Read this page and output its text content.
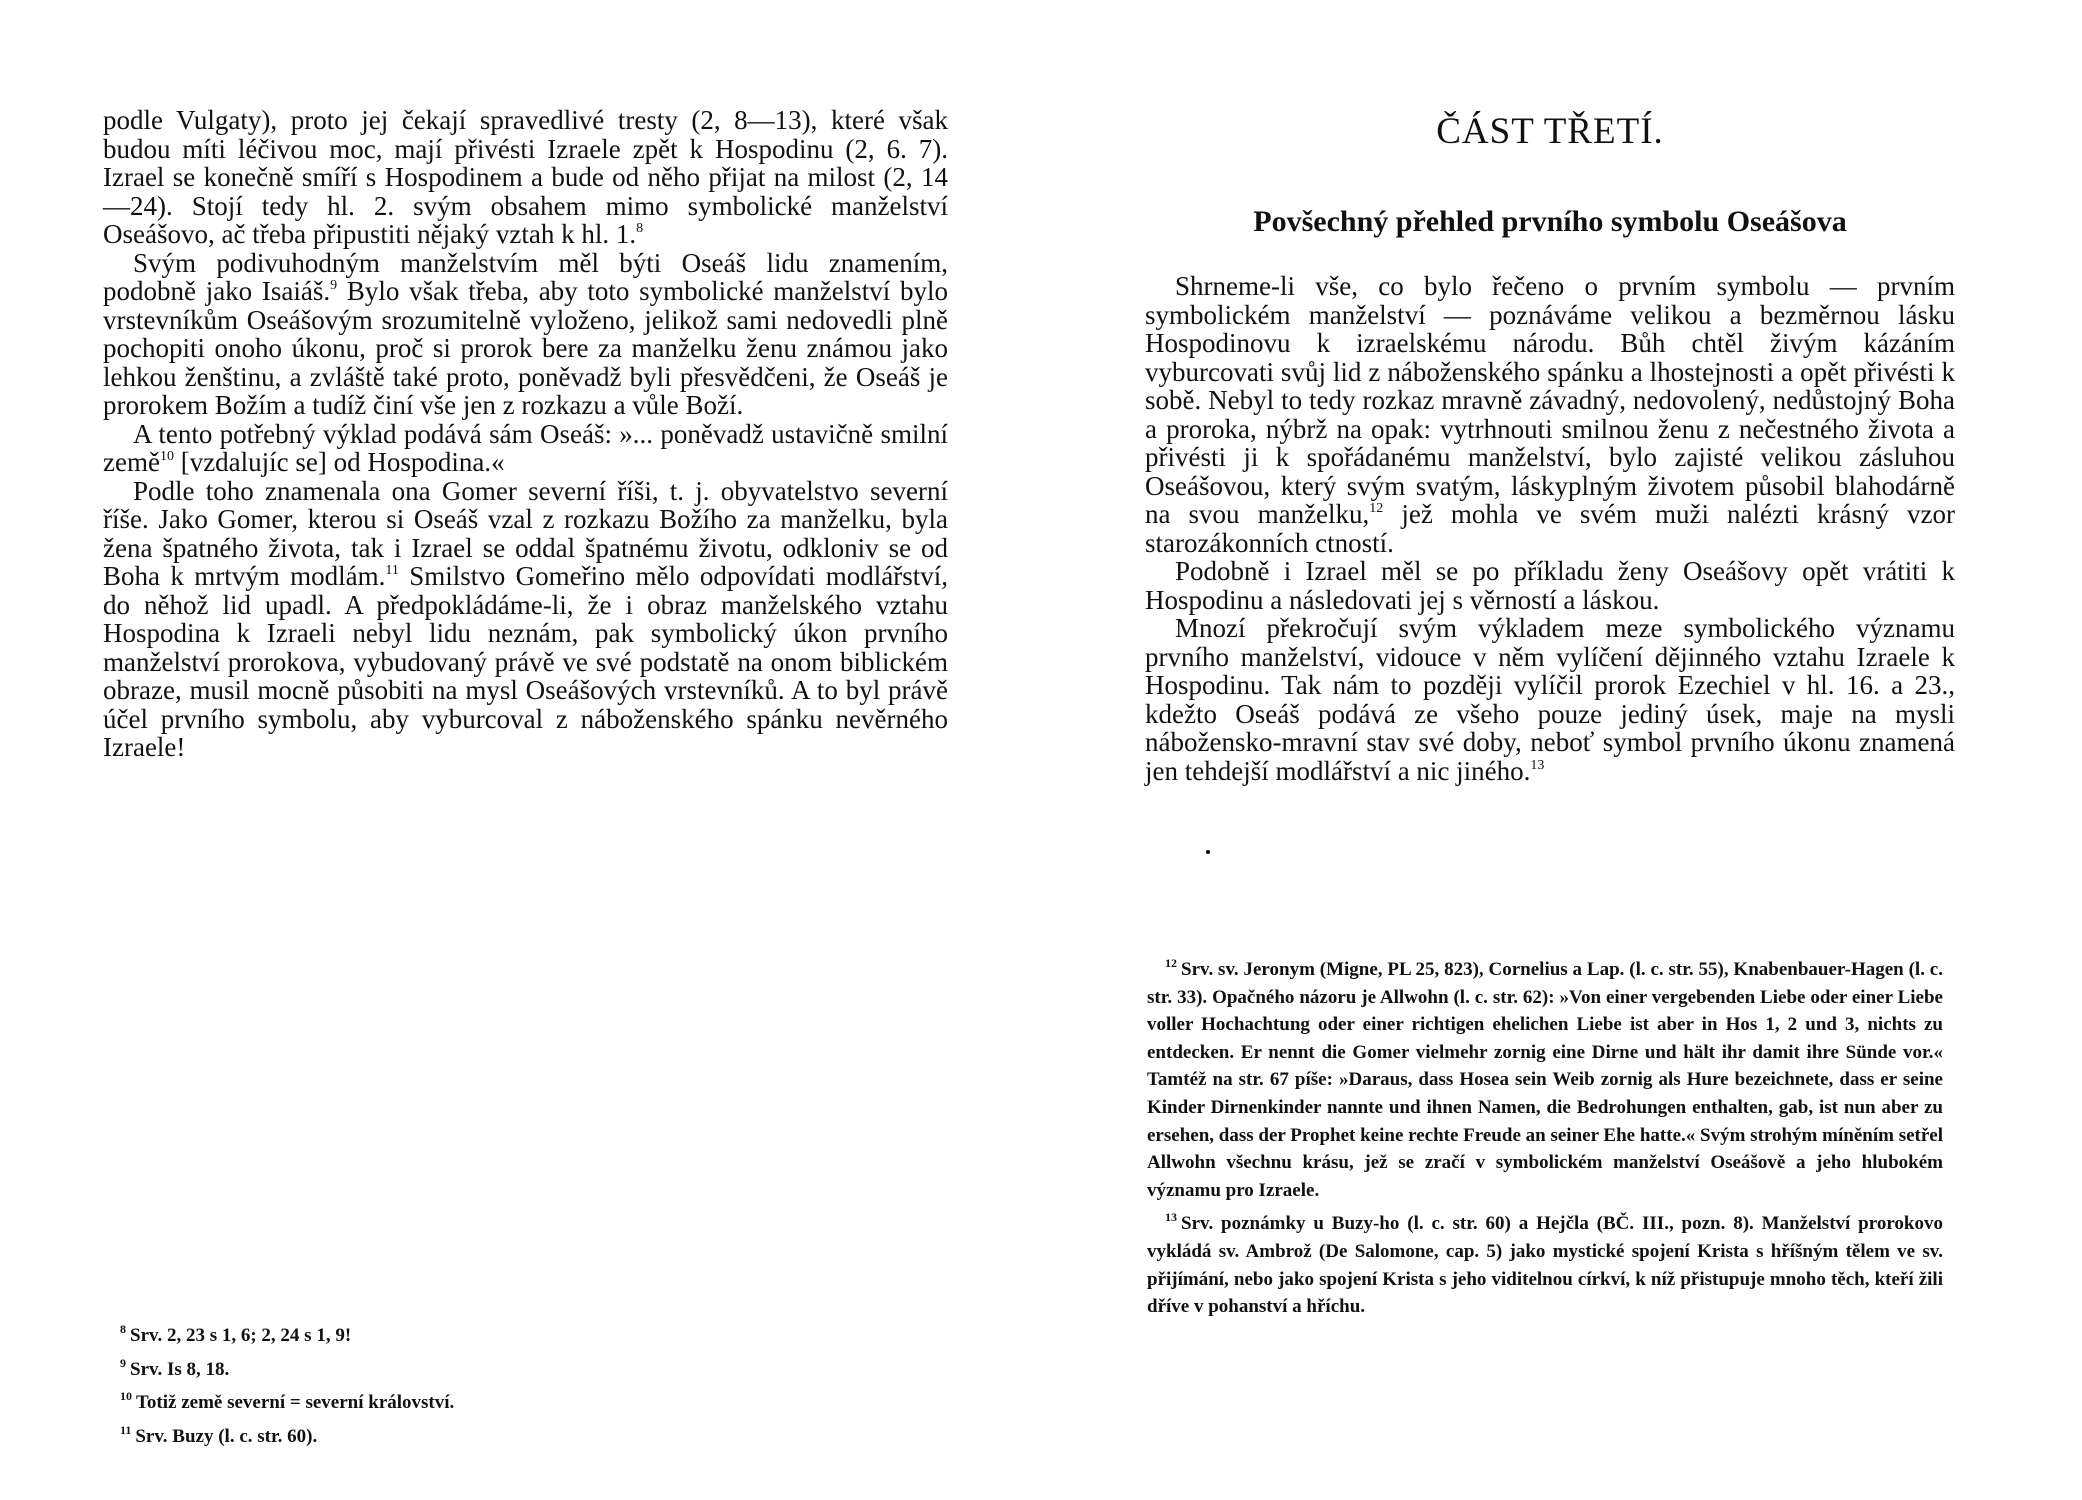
podle Vulgaty), proto jej čekají spravedlivé tresty (2, 8—13), které však budou míti léčivou moc, mají přivésti Izraele zpět k Hospodinu (2, 6. 7). Izrael se konečně smíří s Hospodinem a bude od něho přijat na milost (2, 14—24). Stojí tedy hl. 2. svým obsahem mimo symbolické manželství Oseášovo, ač třeba připustiti nějaký vztah k hl. 1.$^8$

Svým podivuhodným manželstvím měl býti Oseáš lidu znamením, podobně jako Isaiáš.$^9$ Bylo však třeba, aby toto symbolické manželství bylo vrstevníkům Oseášovým srozumitelně vyloženo, jelikož sami nedovedli plně pochopiti onoho úkonu, proč si prorok bere za manželku ženu známou jako lehkou ženštinu, a zvláště také proto, poněvadž byli přesvědčeni, že Oseáš je prorokem Božím a tudíž činí vše jen z rozkazu a vůle Boží.

A tento potřebný výklad podává sám Oseáš: »... poněvadž ustavičně smilní země$^{10}$ [vzdalujíc se] od Hospodina.«

Podle toho znamenala ona Gomer severní říši, t. j. obyvatelstvo severní říše. Jako Gomer, kterou si Oseáš vzal z rozkazu Božího za manželku, byla žena špatného života, tak i Izrael se oddal špatnému životu, odkloniv se od Boha k mrtvým modlám.$^{11}$ Smilstvo Gomeřino mělo odpovídati modlářství, do něhož lid upadl. A předpokládáme-li, že i obraz manželského vztahu Hospodina k Izraeli nebyl lidu neznám, pak symbolický úkon prvního manželství prorokova, vybudovaný právě ve své podstatě na onom biblickém obraze, musil mocně působiti na mysl Oseášových vrstevníků. A to byl právě účel prvního symbolu, aby vyburcoval z náboženského spánku nevěrného Izraele!

$^8$ Srv. 2, 23 s 1, 6; 2, 24 s 1, 9!
$^9$ Srv. Is 8, 18.
$^{10}$ Totiž země severní = severní království.
$^{11}$ Srv. Buzy (l. c. str. 60).
ČÁST TŘETÍ.
Povšechný přehled prvního symbolu Oseášova

Shrneme-li vše, co bylo řečeno o prvním symbolu — prvním symbolickém manželství — poznáváme velikou a bezměrnou lásku Hospodinovu k izraelskému národu. Bůh chtěl živým kázáním vyburcovati svůj lid z náboženského spánku a lhostejnosti a opět přivésti k sobě. Nebyl to tedy rozkaz mravně závadný, nedovolený, nedůstojný Boha a proroka, nýbrž na opak: vytrhnouti smilnou ženu z nečestného života a přivésti ji k spořádanému manželství, bylo zajisté velikou zásluhou Oseášovou, který svým svatým, láskyplným životem působil blahodárně na svou manželku,$^{12}$ jež mohla ve svém muži nalézti krásný vzor starozákonních ctností.

Podobně i Izrael měl se po příkladu ženy Oseášovy opět vrátiti k Hospodinu a následovati jej s věrností a láskou.

Mnozí překročují svým výkladem meze symbolického významu prvního manželství, vidouce v něm vylíčení dějinného vztahu Izraele k Hospodinu. Tak nám to později vylíčil prorok Ezechiel v hl. 16. a 23., kdežto Oseáš podává ze všeho pouze jediný úsek, maje na mysli nábožensko-mravní stav své doby, neboť symbol prvního úkonu znamená jen tehdejší modlářství a nic jiného.$^{13}$

$^{12}$ Srv. sv. Jeronym (Migne, PL 25, 823), Cornelius a Lap. (l. c. str. 55), Knabenbauer-Hagen (l. c. str. 33). Opačného názoru je Allwohn (l. c. str. 62): »Von einer vergebenden Liebe oder einer Liebe voller Hochachtung oder einer richtigen ehelichen Liebe ist aber in Hos 1, 2 und 3, nichts zu entdecken. Er nennt die Gomer vielmehr zornig eine Dirne und hält ihr damit ihre Sünde vor.« Tamtéž na str. 67 píše: »Daraus, dass Hosea sein Weib zornig als Hure bezeichnete, dass er seine Kinder Dirnenkinder nannte und ihnen Namen, die Bedrohungen enthalten, gab, ist nun aber zu ersehen, dass der Prophet keine rechte Freude an seiner Ehe hatte.« Svým strohým míněním setřel Allwohn všechnu krásu, jež se zračí v symbolickém manželství Oseášově a jeho hlubokém významu pro Izraele.
$^{13}$ Srv. poznámky u Buzy-ho (l. c. str. 60) a Hejčla (BČ. III., pozn. 8). Manželství prorokovo vykládá sv. Ambrož (De Salomone, cap. 5) jako mystické spojení Krista s hříšným tělem ve sv. přijímání, nebo jako spojení Krista s jeho viditelnou církví, k níž přistupuje mnoho těch, kteří žili dříve v pohanství a hříchu.
